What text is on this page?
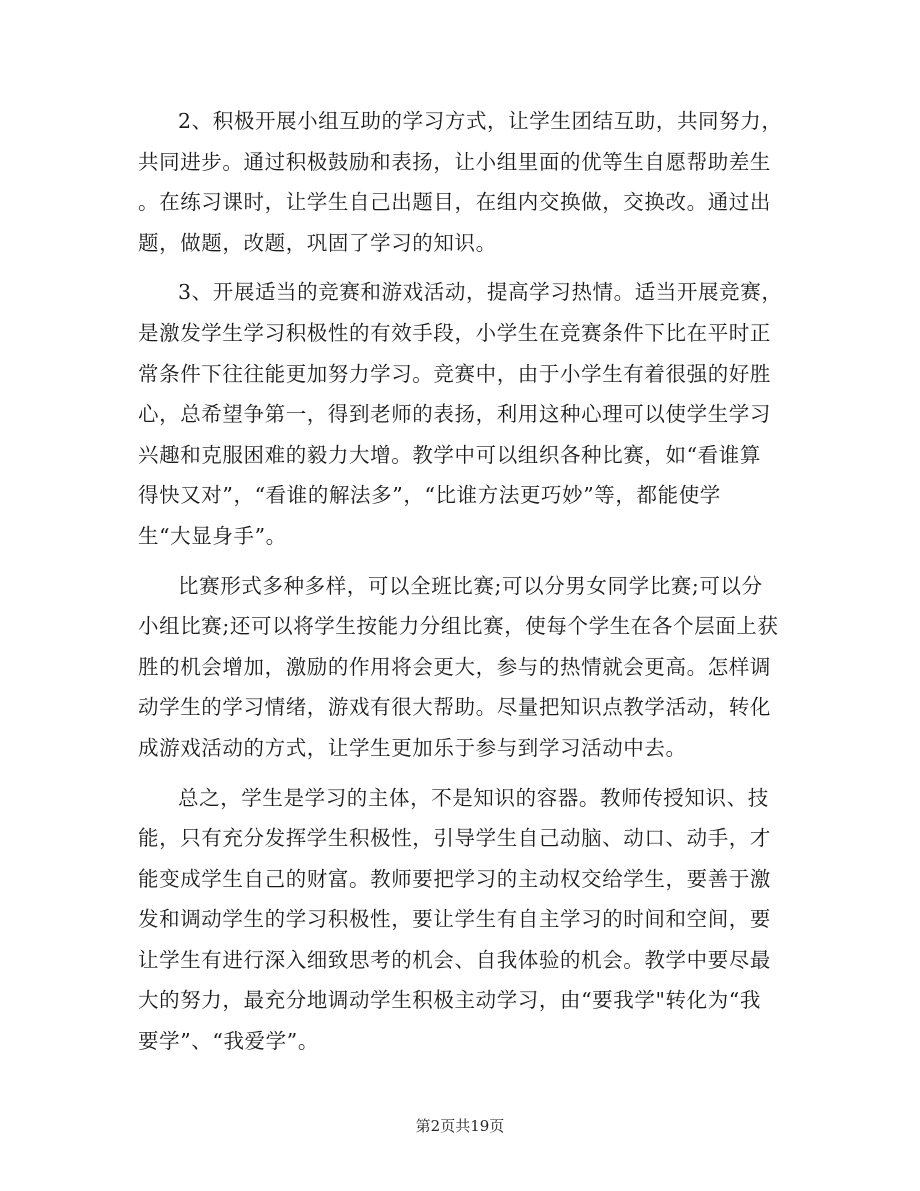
2、积极开展小组互助的学习方式，让学生团结互助，共同努力，
共同进步。通过积极鼓励和表扬，让小组里面的优等生自愿帮助差生
。在练习课时，让学生自己出题目，在组内交换做，交换改。通过出
题，做题，改题，巩固了学习的知识。
3、开展适当的竞赛和游戏活动，提高学习热情。适当开展竞赛，
是激发学生学习积极性的有效手段，小学生在竞赛条件下比在平时正
常条件下往往能更加努力学习。竞赛中，由于小学生有着很强的好胜
心，总希望争第一，得到老师的表扬，利用这种心理可以使学生学习
兴趣和克服困难的毅力大增。教学中可以组织各种比赛，如“看谁算
得快又对”，“看谁的解法多”，“比谁方法更巧妙”等，都能使学
生“大显身手”。
比赛形式多种多样，可以全班比赛;可以分男女同学比赛;可以分
小组比赛;还可以将学生按能力分组比赛，使每个学生在各个层面上获
胜的机会增加，激励的作用将会更大，参与的热情就会更高。怎样调
动学生的学习情绪，游戏有很大帮助。尽量把知识点教学活动，转化
成游戏活动的方式，让学生更加乐于参与到学习活动中去。
总之，学生是学习的主体，不是知识的容器。教师传授知识、技
能，只有充分发挥学生积极性，引导学生自己动脑、动口、动手，才
能变成学生自己的财富。教师要把学习的主动权交给学生，要善于激
发和调动学生的学习积极性，要让学生有自主学习的时间和空间，要
让学生有进行深入细致思考的机会、自我体验的机会。教学中要尽最
大的努力，最充分地调动学生积极主动学习，由“要我学"转化为“我
要学”、“我爱学”。
第2页共19页
